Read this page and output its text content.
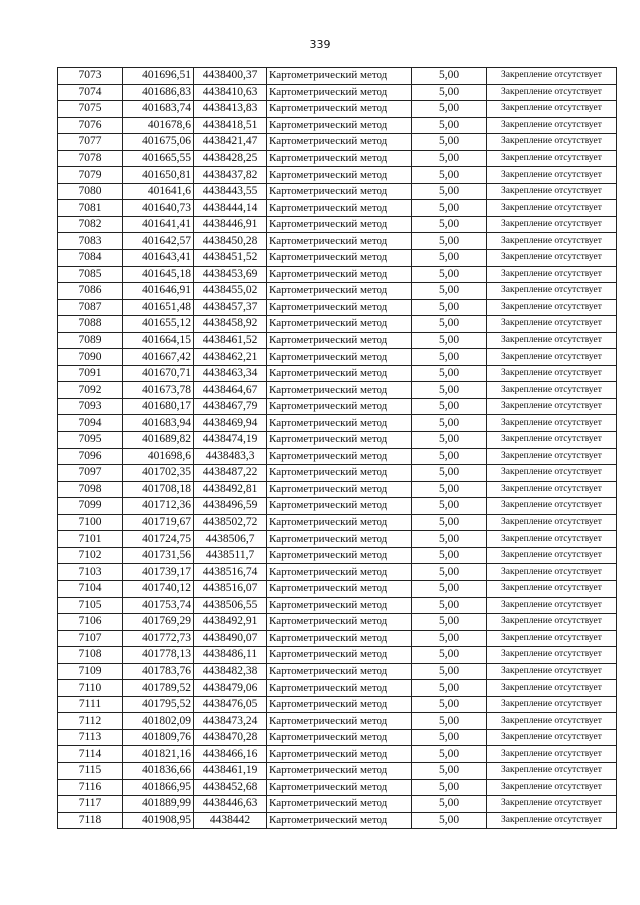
339
7073	401696,51	4438400,37	Картометрический метод	5,00	Закрепление отсутствует
7074	401686,83	4438410,63	Картометрический метод	5,00	Закрепление отсутствует
7075	401683,74	4438413,83	Картометрический метод	5,00	Закрепление отсутствует
7076	401678,6	4438418,51	Картометрический метод	5,00	Закрепление отсутствует
7077	401675,06	4438421,47	Картометрический метод	5,00	Закрепление отсутствует
7078	401665,55	4438428,25	Картометрический метод	5,00	Закрепление отсутствует
7079	401650,81	4438437,82	Картометрический метод	5,00	Закрепление отсутствует
7080	401641,6	4438443,55	Картометрический метод	5,00	Закрепление отсутствует
7081	401640,73	4438444,14	Картометрический метод	5,00	Закрепление отсутствует
7082	401641,41	4438446,91	Картометрический метод	5,00	Закрепление отсутствует
7083	401642,57	4438450,28	Картометрический метод	5,00	Закрепление отсутствует
7084	401643,41	4438451,52	Картометрический метод	5,00	Закрепление отсутствует
7085	401645,18	4438453,69	Картометрический метод	5,00	Закрепление отсутствует
7086	401646,91	4438455,02	Картометрический метод	5,00	Закрепление отсутствует
7087	401651,48	4438457,37	Картометрический метод	5,00	Закрепление отсутствует
7088	401655,12	4438458,92	Картометрический метод	5,00	Закрепление отсутствует
7089	401664,15	4438461,52	Картометрический метод	5,00	Закрепление отсутствует
7090	401667,42	4438462,21	Картометрический метод	5,00	Закрепление отсутствует
7091	401670,71	4438463,34	Картометрический метод	5,00	Закрепление отсутствует
7092	401673,78	4438464,67	Картометрический метод	5,00	Закрепление отсутствует
7093	401680,17	4438467,79	Картометрический метод	5,00	Закрепление отсутствует
7094	401683,94	4438469,94	Картометрический метод	5,00	Закрепление отсутствует
7095	401689,82	4438474,19	Картометрический метод	5,00	Закрепление отсутствует
7096	401698,6	4438483,3	Картометрический метод	5,00	Закрепление отсутствует
7097	401702,35	4438487,22	Картометрический метод	5,00	Закрепление отсутствует
7098	401708,18	4438492,81	Картометрический метод	5,00	Закрепление отсутствует
7099	401712,36	4438496,59	Картометрический метод	5,00	Закрепление отсутствует
7100	401719,67	4438502,72	Картометрический метод	5,00	Закрепление отсутствует
7101	401724,75	4438506,7	Картометрический метод	5,00	Закрепление отсутствует
7102	401731,56	4438511,7	Картометрический метод	5,00	Закрепление отсутствует
7103	401739,17	4438516,74	Картометрический метод	5,00	Закрепление отсутствует
7104	401740,12	4438516,07	Картометрический метод	5,00	Закрепление отсутствует
7105	401753,74	4438506,55	Картометрический метод	5,00	Закрепление отсутствует
7106	401769,29	4438492,91	Картометрический метод	5,00	Закрепление отсутствует
7107	401772,73	4438490,07	Картометрический метод	5,00	Закрепление отсутствует
7108	401778,13	4438486,11	Картометрический метод	5,00	Закрепление отсутствует
7109	401783,76	4438482,38	Картометрический метод	5,00	Закрепление отсутствует
7110	401789,52	4438479,06	Картометрический метод	5,00	Закрепление отсутствует
7111	401795,52	4438476,05	Картометрический метод	5,00	Закрепление отсутствует
7112	401802,09	4438473,24	Картометрический метод	5,00	Закрепление отсутствует
7113	401809,76	4438470,28	Картометрический метод	5,00	Закрепление отсутствует
7114	401821,16	4438466,16	Картометрический метод	5,00	Закрепление отсутствует
7115	401836,66	4438461,19	Картометрический метод	5,00	Закрепление отсутствует
7116	401866,95	4438452,68	Картометрический метод	5,00	Закрепление отсутствует
7117	401889,99	4438446,63	Картометрический метод	5,00	Закрепление отсутствует
7118	401908,95	4438442	Картометрический метод	5,00	Закрепление отсутствует
